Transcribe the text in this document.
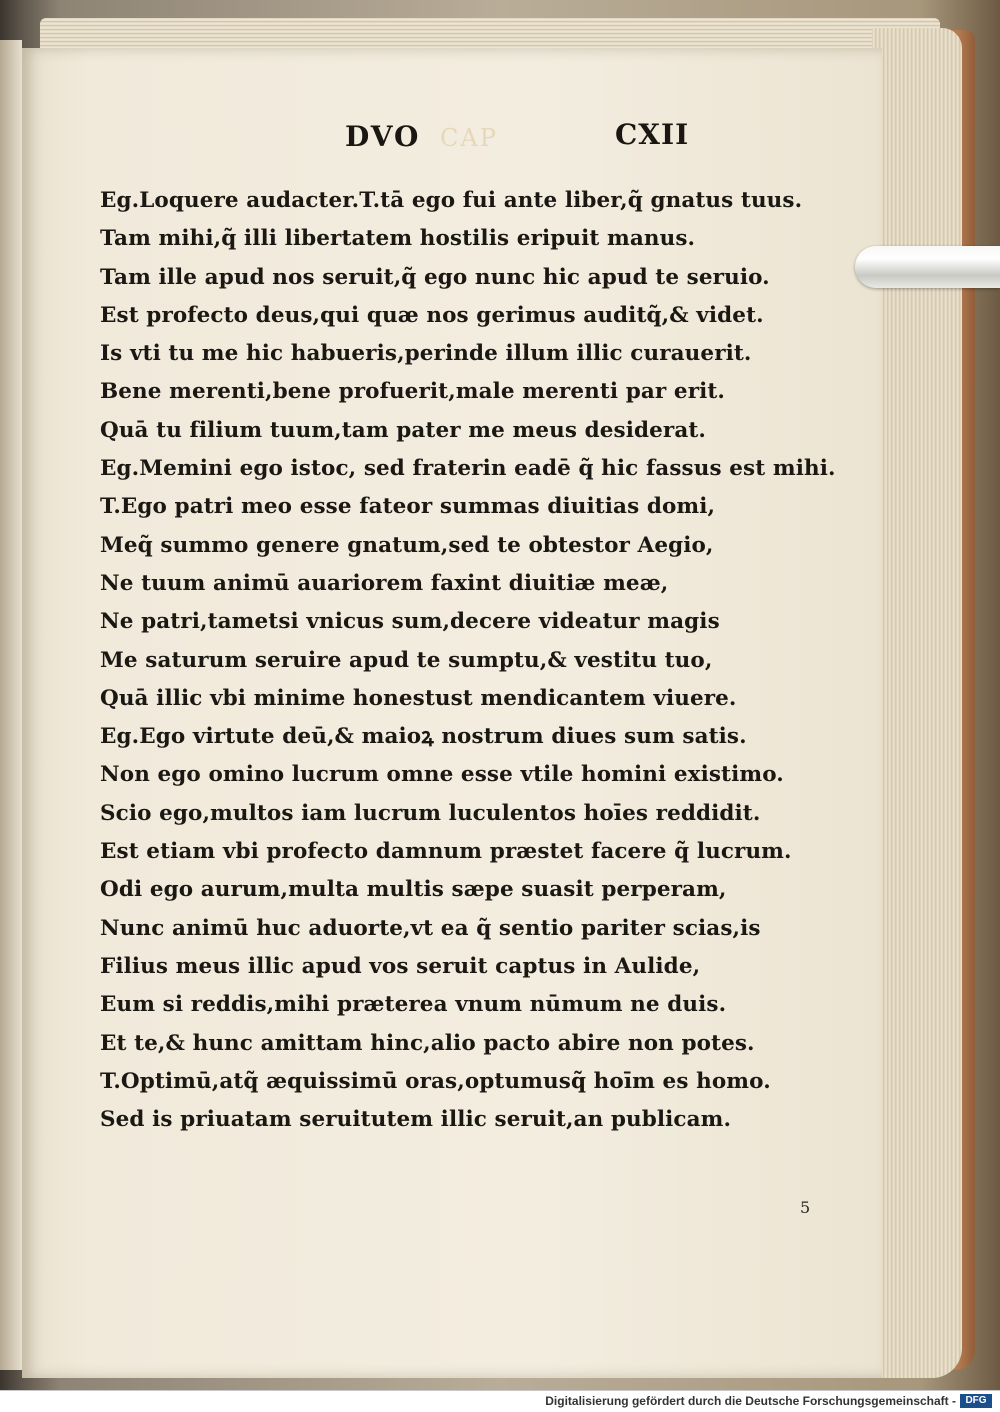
DVO CAP	CXII
Eg.Loquere audacter.T.tā ego fui ante liber,q̃ gnatus tuus.
Tam mihi,q̃ illi libertatem hostilis eripuit manus.
Tam ille apud nos seruit,q̃ ego nunc hic apud te seruio.
Est profecto deus,qui quæ nos gerimus auditq̃,& videt.
Is vti tu me hic habueris,perinde illum illic curauerit.
Bene merenti,bene profuerit,male merenti par erit.
Quā tu filium tuum,tam pater me meus desiderat.
Eg.Memini ego istoc, sed fraterin eadē q̃ hic fassus est mihi.
T.Ego patri meo esse fateor summas diuitias domi,
Meq̃ summo genere gnatum,sed te obtestor Aegio,
Ne tuum animū auariorem faxint diuitiæ meæ,
Ne patri,tametsi vnicus sum,decere videatur magis
Me saturum seruire apud te sumptu,& vestitu tuo,
Quā illic vbi minime honestust mendicantem viuere.
Eg.Ego virtute deū,& maioꝝ nostrum diues sum satis.
Non ego omino lucrum omne esse vtile homini existimo.
Scio ego,multos iam lucrum luculentos hoīes reddidit.
Est etiam vbi profecto damnum præstet facere q̃ lucrum.
Odi ego aurum,multa multis sæpe suasit perperam,
Nunc animū huc aduorte,vt ea q̃ sentio pariter scias,is
Filius meus illic apud vos seruit captus in Aulide,
Eum si reddis,mihi præterea vnum nūmum ne duis.
Et te,& hunc amittam hinc,alio pacto abire non potes.
T.Optimū,atq̃ æquissimū oras,optumusq̃ hoīm es homo.
Sed is priuatam seruitutem illic seruit,an publicam.
5
Digitalisierung gefördert durch die Deutsche Forschungsgemeinschaft - DFG
